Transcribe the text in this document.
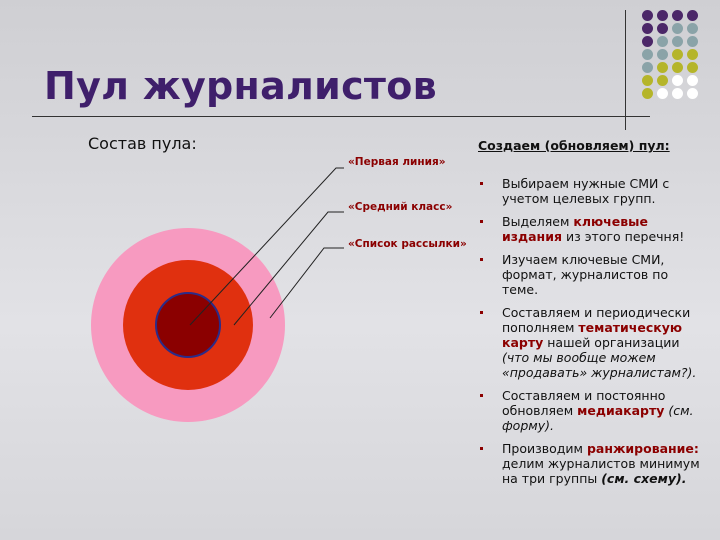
Пул журналистов
Состав пула:
«Первая линия»
«Средний класс»
«Список рассылки»
Создаем (обновляем) пул:
Выбираем нужные СМИ с учетом целевых групп.
Выделяем ключевые издания из этого перечня!
Изучаем ключевые СМИ, формат, журналистов по теме.
Составляем и периодически пополняем тематическую карту нашей организации (что мы вообще можем «продавать» журналистам?).
Составляем и постоянно обновляем медиакарту (см. форму).
Производим ранжирование: делим журналистов минимум на три группы (см. схему).
